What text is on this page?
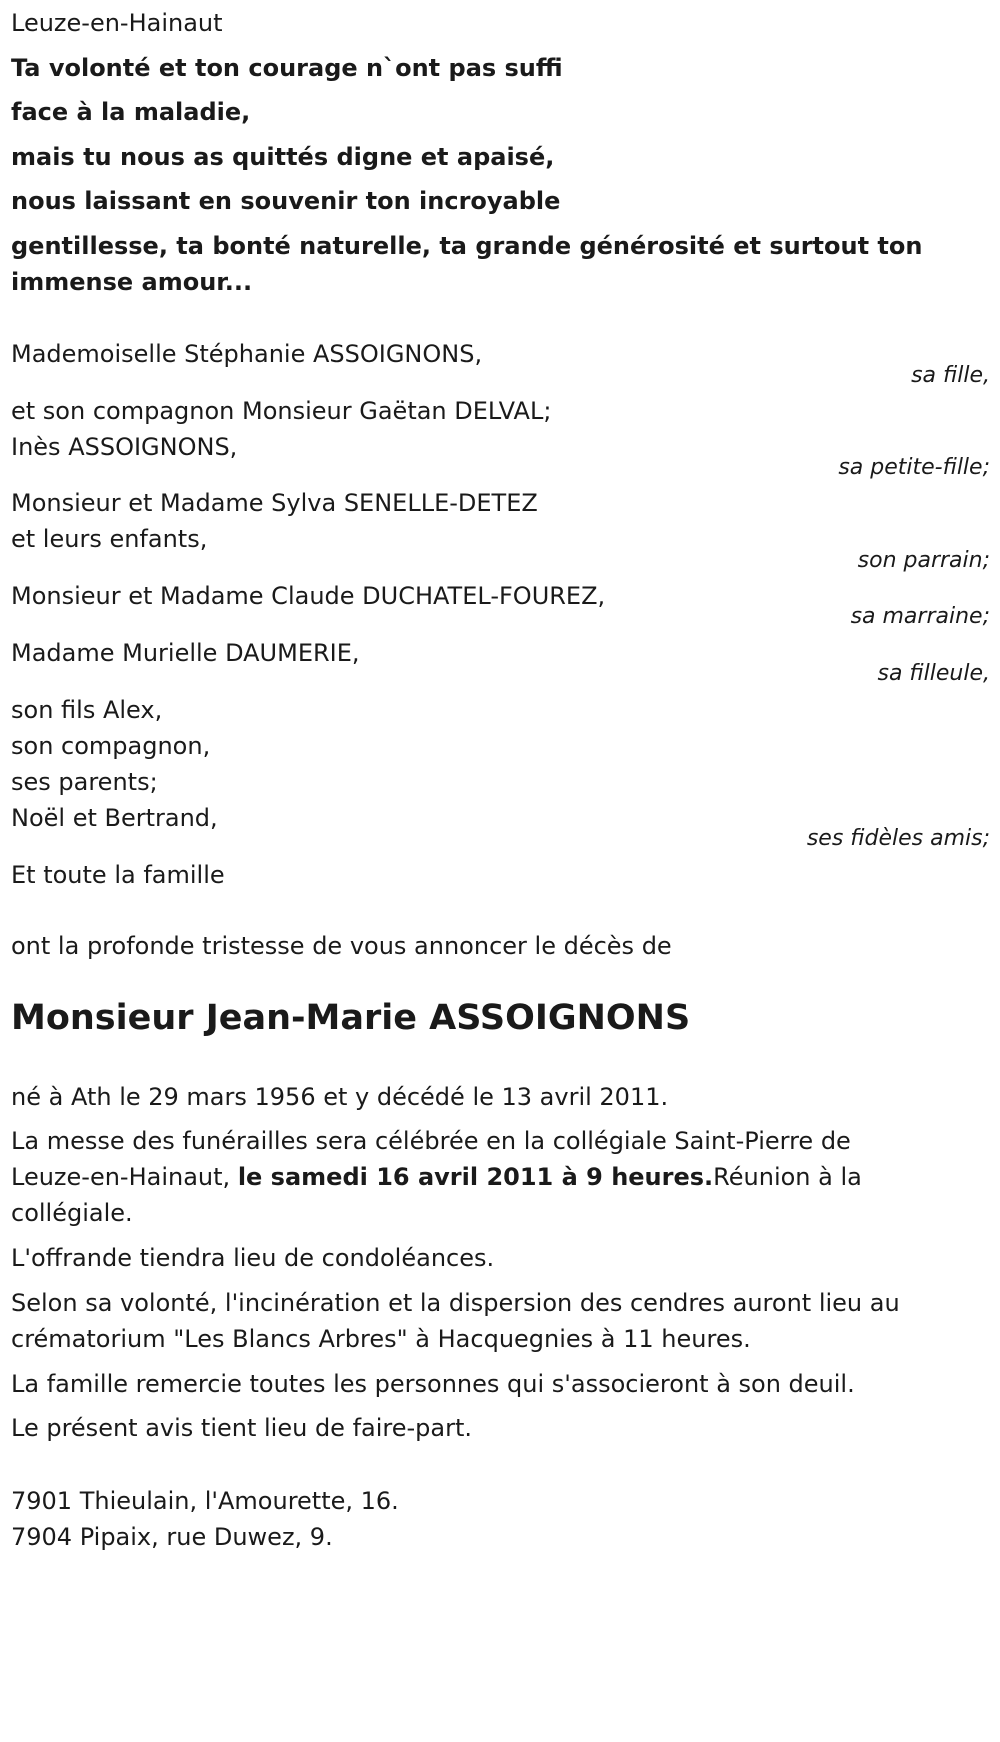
Leuze-en-Hainaut
Ta volonté et ton courage n`ont pas suffi
face à la maladie,
mais tu nous as quittés digne et apaisé,
nous laissant en souvenir ton incroyable
gentillesse, ta bonté naturelle, ta grande générosité et surtout ton
immense amour...
Mademoiselle Stéphanie ASSOIGNONS,
sa fille,
et son compagnon Monsieur Gaëtan DELVAL;
Inès ASSOIGNONS,
sa petite-fille;
Monsieur et Madame Sylva SENELLE-DETEZ
et leurs enfants,
son parrain;
Monsieur et Madame Claude DUCHATEL-FOUREZ,
sa marraine;
Madame Murielle DAUMERIE,
sa filleule,
son fils Alex,
son compagnon,
ses parents;
Noël et Bertrand,
ses fidèles amis;
Et toute la famille
ont la profonde tristesse de vous annoncer le décès de
Monsieur Jean-Marie ASSOIGNONS
né à Ath le 29 mars 1956 et y décédé le 13 avril 2011.
La messe des funérailles sera célébrée en la collégiale Saint-Pierre de
Leuze-en-Hainaut, le samedi 16 avril 2011 à 9 heures.Réunion à la
collégiale.
L'offrande tiendra lieu de condoléances.
Selon sa volonté, l'incinération et la dispersion des cendres auront lieu au
crématorium "Les Blancs Arbres" à Hacquegnies à 11 heures.
La famille remercie toutes les personnes qui s'associeront à son deuil.
Le présent avis tient lieu de faire-part.
7901 Thieulain, l'Amourette, 16.
7904 Pipaix, rue Duwez, 9.
